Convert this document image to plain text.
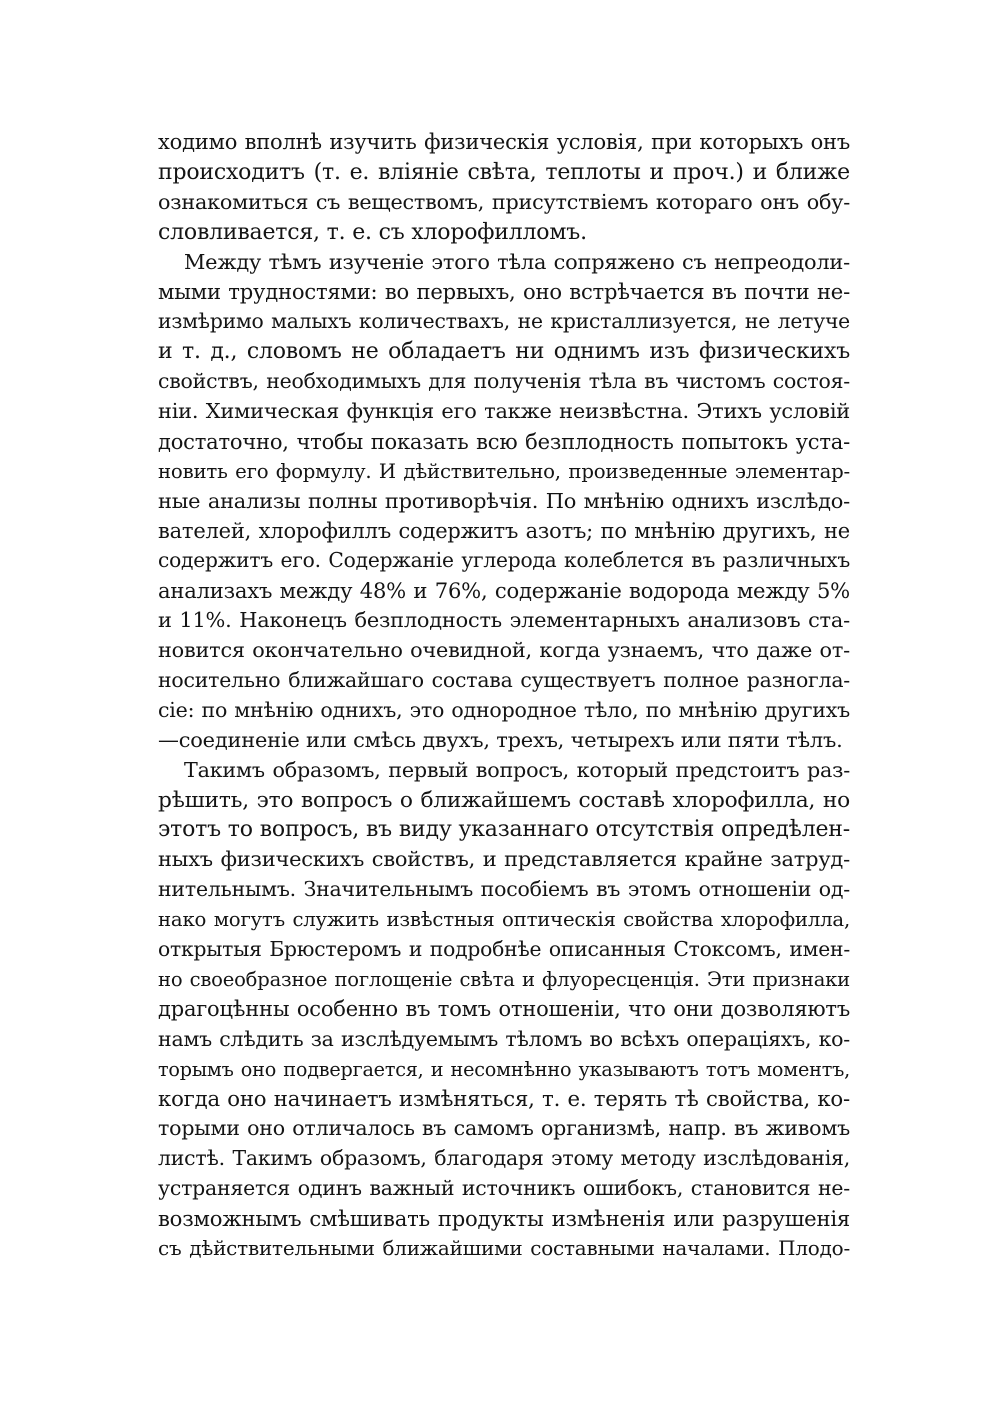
ходимо вполнѣ изучить физическія условія, при которыхъ онъ
происходитъ (т. е. вліяніе свѣта, теплоты и проч.) и ближе
ознакомиться съ веществомъ, присутствіемъ котораго онъ обу-
словливается, т. е. съ хлорофилломъ.
Между тѣмъ изученіе этого тѣла сопряжено съ непреодоли-
мыми трудностями: во первыхъ, оно встрѣчается въ почти не-
измѣримо малыхъ количествахъ, не кристаллизуется, не летуче
и т. д., словомъ не обладаетъ ни однимъ изъ физическихъ
свойствъ, необходимыхъ для полученія тѣла въ чистомъ состоя-
ніи. Химическая функція его также неизвѣстна. Этихъ условій
достаточно, чтобы показать всю безплодность попытокъ уста-
новить его формулу. И дѣйствительно, произведенные элементар-
ные анализы полны противорѣчія. По мнѣнію однихъ изслѣдо-
вателей, хлорофиллъ содержитъ азотъ; по мнѣнію другихъ, не
содержитъ его. Содержаніе углерода колеблется въ различныхъ
анализахъ между 48% и 76%, содержаніе водорода между 5%
и 11%. Наконецъ безплодность элементарныхъ анализовъ ста-
новится окончательно очевидной, когда узнаемъ, что даже от-
носительно ближайшаго состава существуетъ полное разногла-
сіе: по мнѣнію однихъ, это однородное тѣло, по мнѣнію другихъ
—соединеніе или смѣсь двухъ, трехъ, четырехъ или пяти тѣлъ.
Такимъ образомъ, первый вопросъ, который предстоитъ раз-
рѣшить, это вопросъ о ближайшемъ составѣ хлорофилла, но
этотъ то вопросъ, въ виду указаннаго отсутствія опредѣлен-
ныхъ физическихъ свойствъ, и представляется крайне затруд-
нительнымъ. Значительнымъ пособіемъ въ этомъ отношеніи од-
нако могутъ служить извѣстныя оптическія свойства хлорофилла,
открытыя Брюстеромъ и подробнѣе описанныя Стоксомъ, имен-
но своеобразное поглощеніе свѣта и флуоресценція. Эти признаки
драгоцѣнны особенно въ томъ отношеніи, что они дозволяютъ
намъ слѣдить за изслѣдуемымъ тѣломъ во всѣхъ операціяхъ, ко-
торымъ оно подвергается, и несомнѣнно указываютъ тотъ моментъ,
когда оно начинаетъ измѣняться, т. е. терять тѣ свойства, ко-
торыми оно отличалось въ самомъ организмѣ, напр. въ живомъ
листѣ. Такимъ образомъ, благодаря этому методу изслѣдованія,
устраняется одинъ важный источникъ ошибокъ, становится не-
возможнымъ смѣшивать продукты измѣненія или разрушенія
съ дѣйствительными ближайшими составными началами. Плодо-
